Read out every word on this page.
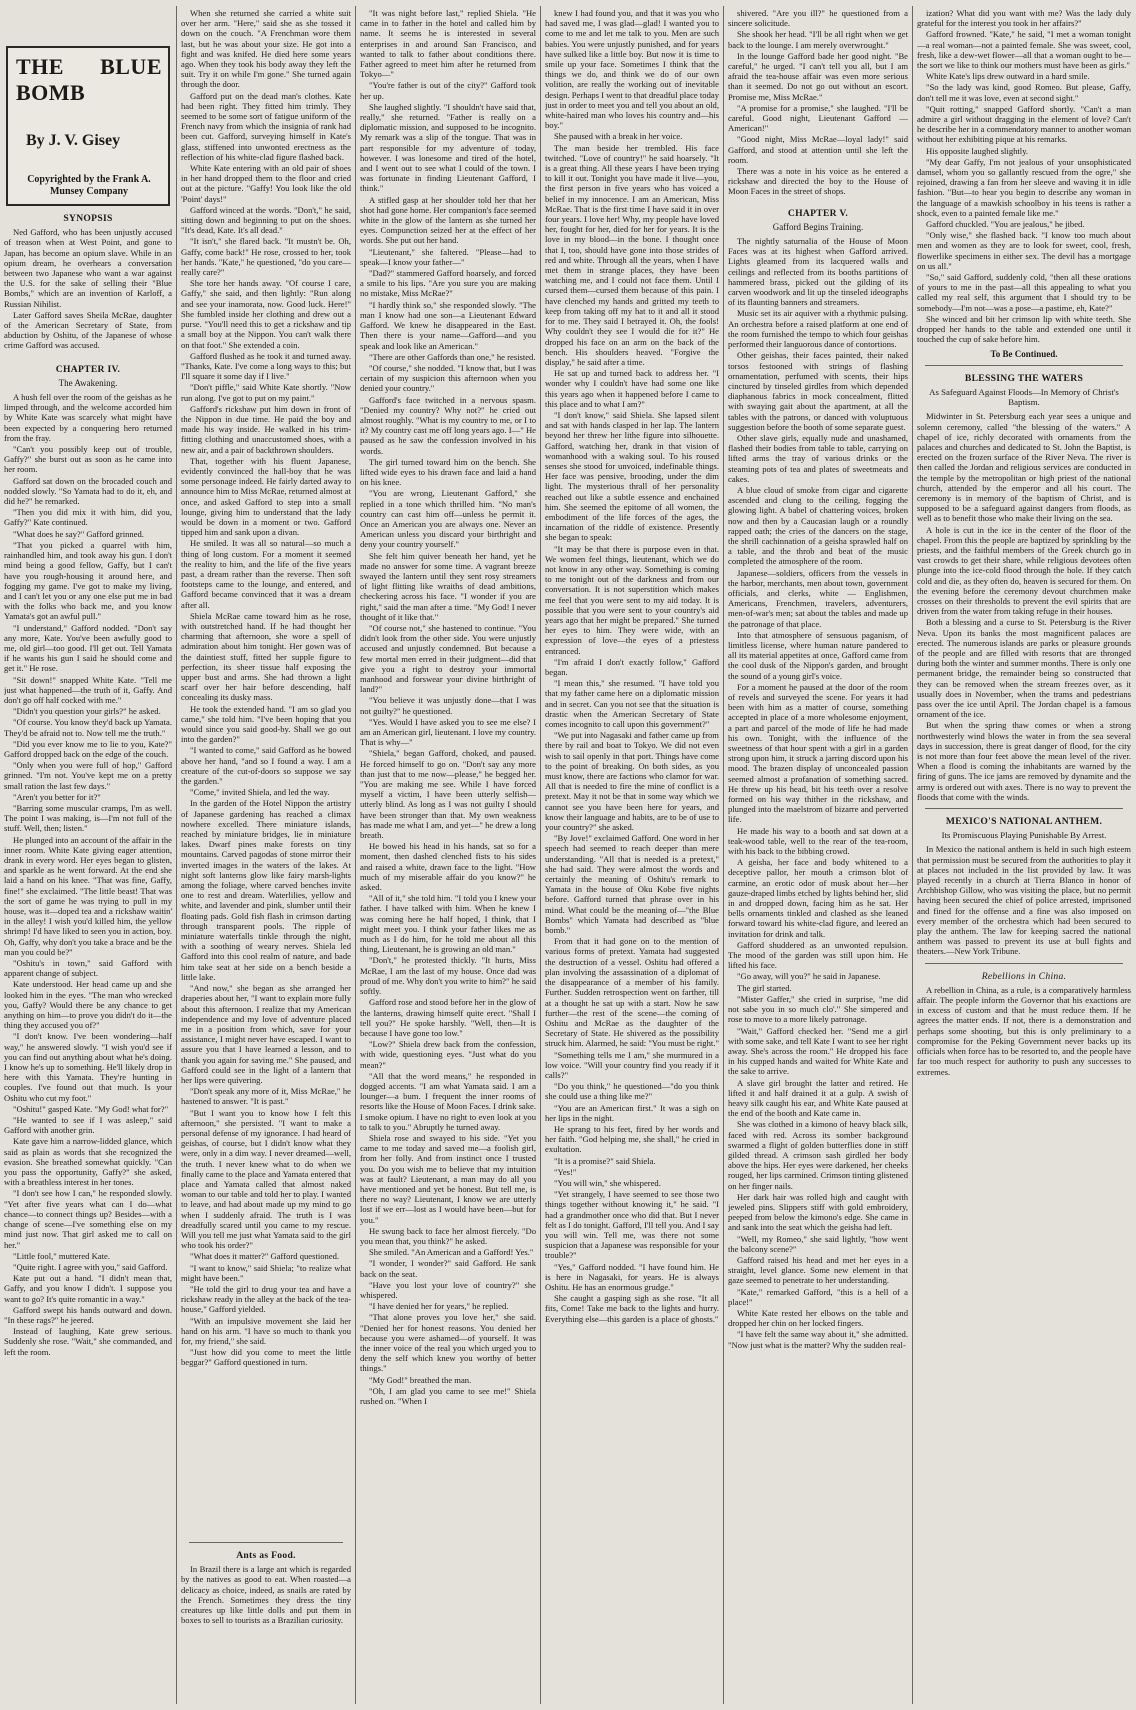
THE BLUE BOMB
By J. V. Gisey
Copyrighted by the Frank A. Munsey Company
SYNOPSIS

Ned Gafford, who has been unjustly accused of treason when at West Point, and gone to Japan, has become an opium slave. While in an opium dream, he overhears a conversation between two Japanese who want a war against the U.S. for the sake of selling their "Blue Bombs," which are an invention of Karloff, a Russian Nihilist.

Later Gafford saves Sheila McRae, daughter of the American Secretary of State, from abduction by Oshitu, of the Japanese of whose crime Gafford was accused.

CHAPTER IV.
The Awakening.

A hush fell over the room of the geishas as he limped through, and the welcome accorded him by White Kate was scarcely what might have been expected by a conquering hero returned from the fray.

"Can't you possibly keep out of trouble, Gaffy?" she burst out as soon as he came into her room.

Gafford sat down on the brocaded couch and nodded slowly. "So Yamata had to do it, eh, and did he?" he remarked.

"Then you did mix it with him, did you, Gaffy?" Kate continued.

"What does he say?" Gafford grinned.

"That you picked a quarrel with him, rainhandled him, and took away his gun. I don't mind being a good fellow, Gaffy, but I can't have you rough-housing it around here, and fogging my game. I've got to make my living, and I can't let you or any one else put me in bad with the folks who back me, and you know Yamata's got an awful pull."

"I understand," Gafford nodded. "Don't say any more, Kate. You've been awfully good to me, old girl—too good. I'll get out. Tell Yamata if he wants his gun I said he should come and get it." He rose.

"Sit down!" snapped White Kate. "Tell me just what happened—the truth of it, Gaffy. And don't go off half cocked with me."

"Didn't you question your girls?" he asked.

"Of course. You know they'd back up Yamata. They'd be afraid not to. Now tell me the truth."

"Did you ever know me to lie to you, Kate?" Gafford dropped back on the edge of the couch.

"Only when you were full of hop," Gafford grinned. "I'm not. You've kept me on a pretty small ration the last few days."

"Aren't you better for it?"

"Barring some muscular cramps, I'm as well. The point I was making, is—I'm not full of the stuff. Well, then; listen."

He plunged into an account of the affair in the inner room. White Kate giving eager attention, drank in every word. Her eyes began to glisten, and sparkle as he went forward. At the end she laid a hand on his knee. "That was fine, Gaffy, fine!" she exclaimed. "The little beast! That was the sort of game he was trying to pull in my house, was it—doped tea and a rickshaw waitin' in the alley! I wish you'd killed him, the yellow shrimp! I'd have liked to seen you in action, boy. Oh, Gaffy, why don't you take a brace and be the man you could be?"

"Oshitu's in town," said Gafford with apparent change of subject.

Kate understood. Her head came up and she looked him in the eyes. "The man who wrecked you, Gaffy? Would there be any chance to get anything on him—to prove you didn't do it—the thing they accused you of?"

"I don't know. I've been wondering—half way," he answered slowly. "I wish you'd see if you can find out anything about what he's doing. I know he's up to something. He'll likely drop in here with this Yamata. They're hunting in couples. I've found out that much. Is your Oshitu who cut my foot."

"Oshitu!" gasped Kate. "My God! what for?"

"He wanted to see if I was asleep," said Gafford with another grin.

Kate gave him a narrow-lidded glance, which said as plain as words that she recognized the evasion. She breathed somewhat quickly. "Can you pass the opportunity, Gaffy?" she asked, with a breathless interest in her tones.

"I don't see how I can," he responded slowly. "Yet after five years what can I do—what chance—to connect things up? Besides—with a change of scene—I've something else on my mind just now. That girl asked me to call on her."

"Little fool," muttered Kate.

"Quite right. I agree with you," said Gafford.

Kate put out a hand. "I didn't mean that, Gaffy, and you know I didn't. I suppose you want to go? It's quite romantic in a way."

Gafford swept his hands outward and down. "In these rags?" he jeered.

Instead of laughing, Kate grew serious. Suddenly she rose. "Wait," she commanded, and left the room.

When she returned she carried a white suit over her arm. "Here," said she as she tossed it down on the couch. "A Frenchman wore them last, but he was about your size. He got into a fight and was knifed. He died here some years ago. When they took his body away they left the suit. Try it on while I'm gone." She turned again through the door.

Gafford put on the dead man's clothes. Kate had been right. They fitted him trimly. They seemed to be some sort of fatigue uniform of the French navy from which the insignia of rank had been cut. Gafford, surveying himself in Kate's glass, stiffened into unwonted erectness as the reflection of his white-clad figure flashed back.

White Kate entering with an old pair of shoes in her hand dropped them to the floor and cried out at the picture. "Gaffy! You look like the old 'Point' days!"

Gafford winced at the words. "Don't," he said, sitting down and beginning to put on the shoes. "It's dead, Kate. It's all dead."

"It isn't," she flared back. "It mustn't be. Oh, Gaffy, come back!" He rose, crossed to her, took her hands. "Kate," he questioned, "do you care—really care?"

She tore her hands away. "Of course I care, Gaffy," she said, and then lightly: "Run along and see your inamorata, now. Good luck. Here!" She fumbled inside her clothing and drew out a purse. "You'll need this to get a rickshaw and tip a small boy at the Nippon. You can't walk there on that foot." She extended a coin.

Gafford flushed as he took it and turned away. "Thanks, Kate. I've come a long ways to this; but I'll square it some day if I live."

"Don't piffle," said White Kate shortly. "Now run along. I've got to put on my paint."

Gafford's rickshaw put him down in front of the Nippon in due time. He paid the boy and made his way inside. He walked in his trim-fitting clothing and unaccustomed shoes, with a new air, and a pair of backthrown shoulders.

That, together with his fluent Japanese, evidently convinced the hall-boy that he was some personage indeed. He fairly darted away to announce him to Miss McRae, returned almost at once, and asked Gafford to step into a small lounge, giving him to understand that the lady would be down in a moment or two. Gafford tipped him and sank upon a divan.

He smiled. It was all so natural—so much a thing of long custom. For a moment it seemed the reality to him, and the life of the five years past, a dream rather than the reverse. Then soft footsteps came to the lounge, and entered, and Gafford became convinced that it was a dream after all.

Shiela McRae came toward him as he rose, with outstretched hand. If he had thought her charming that afternoon, she wore a spell of admiration about him tonight. Her gown was of the daintiest stuff, fitted her supple figure to perfection, its sheer tissue half exposing the upper bust and arms. She had thrown a light scarf over her hair before descending, half concealing its dusky mass.

He took the extended hand. "I am so glad you came," she told him. "I've been hoping that you would since you said good-by. Shall we go out into the garden?"

"I wanted to come," said Gafford as he bowed above her hand, "and so I found a way. I am a creature of the cut-of-doors so suppose we say the garden."

"Come," invited Shiela, and led the way.

In the garden of the Hotel Nippon the artistry of Japanese gardening has reached a climax nowhere excelled. There miniature islands, reached by miniature bridges, lie in miniature lakes. Dwarf pines make forests on tiny mountains. Carved pagodas of stone mirror their inverted images in the waters of the lakes. At night soft lanterns glow like fairy marsh-lights among the foliage, where carved benches invite one to rest and dream. Waterlilies, yellow and white, and lavender and pink, slumber until their floating pads. Gold fish flash in crimson darting through transparent pools. The ripple of miniature waterfalls tinkle through the night, with a soothing of weary nerves. Shiela led Gafford into this cool realm of nature, and bade him take seat at her side on a bench beside a little lake.

"And now," she began as she arranged her draperies about her, "I want to explain more fully about this afternoon. I realize that my American independence and my love of adventure placed me in a position from which, save for your assistance, I might never have escaped. I want to assure you that I have learned a lesson, and to thank you again for saving me." She paused, and Gafford could see in the light of a lantern that her lips were quivering.

"Don't speak any more of it, Miss McRae," he hastened to answer. "It is past."

"But I want you to know how I felt this afternoon," she persisted. "I want to make a personal defense of my ignorance. I had heard of geishas, of course, but I didn't know what they were, only in a dim way. I never dreamed—well, the truth. I never knew what to do when we finally came to the place and Yamata entered that place and Yamata called that almost naked woman to our table and told her to play. I wanted to leave, and had about made up my mind to go when I suddenly afraid. The truth is I was dreadfully scared until you came to my rescue. Will you tell me just what Yamata said to the girl who took his order?"

"What does it matter?" Gafford questioned.

"I want to know," said Shiela; "to realize what might have been."

"He told the girl to drug your tea and have a rickshaw ready in the alley at the back of the tea-house," Gafford yielded.

"With an impulsive movement she laid her hand on his arm. "I have so much to thank you for, my friend," she said.

"Just how did you come to meet the little beggar?" Gafford questioned in turn.

Ants as Food.

In Brazil there is a large ant which is regarded by the natives as good to eat. When roasted—a delicacy as choice, indeed, as snails are rated by the French. Sometimes they dress the tiny creatures up like little dolls and put them in boxes to sell to tourists as a Brazilian curiosity.

"It was night before last," replied Shiela. "He came in to father in the hotel and called him by name. It seems he is interested in several enterprises in and around San Francisco, and wanted to talk to father about conditions there. Father agreed to meet him after he returned from Tokyo—"

"You're father is out of the city?" Gafford took her up.

She laughed slightly. "I shouldn't have said that, really," she returned. "Father is really on a diplomatic mission, and supposed to be incognito. My remark was a slip of the tongue. That was in part responsible for my adventure of today, however. I was lonesome and tired of the hotel, and I went out to see what I could of the town. I was fortunate in finding Lieutenant Gafford, I think."

A stifled gasp at her shoulder told her that her shot had gone home. Her companion's face seemed white in the glow of the lantern as she turned her eyes. Compunction seized her at the effect of her words. She put out her hand.

"Lieutenant," she faltered. "Please—had to speak—I know your father—"

"Dad?" stammered Gafford hoarsely, and forced a smile to his lips. "Are you sure you are making no mistake, Miss McRae?"

"I hardly think so," she responded slowly. "The man I know had one son—a Lieutenant Edward Gafford. We knew he disappeared in the East. Then there is your name—Gafford—and you speak and look like an American."

"There are other Gaffords than one," he resisted.

"Of course," she nodded. "I know that, but I was certain of my suspicion this afternoon when you denied your country."

Gafford's face twitched in a nervous spasm. "Denied my country? Why not?" he cried out almost roughly. "What is my country to me, or I to it? My country cast me off long years ago. I—" He paused as he saw the confession involved in his words.

The girl turned toward him on the bench. She lifted wide eyes to his drawn face and laid a hand on his knee.

"You are wrong, Lieutenant Gafford," she replied in a tone which thrilled him. "No man's country can cast him off—unless he permit it. Once an American you are always one. Never an American unless you discard your birthright and deny your country yourself."

She felt him quiver beneath her hand, yet he made no answer for some time. A vagrant breeze swayed the lantern until they sent rosy streamers of light flitting like wraiths of dead ambitions, checkering across his face. "I wonder if you are right," said the man after a time. "My God! I never thought of it like that."

"Of course not," she hastened to continue. "You didn't look from the other side. You were unjustly accused and unjustly condemned. But because a few mortal men erred in their judgment—did that give you a right to destroy your immortal manhood and forswear your divine birthright of land?"

"You believe it was unjustly done—that I was not guilty?" he questioned.

"Yes. Would I have asked you to see me else? I am an American girl, lieutenant. I love my country. That is why—"

"Shiela," began Gafford, choked, and paused. He forced himself to go on. "Don't say any more than just that to me now—please," he begged her. "You are making me see. While I have forced myself a victim, I have been utterly selfish—utterly blind. As long as I was not guilty I should have been stronger than that. My own weakness has made me what I am, and yet—" he drew a long breath.

He bowed his head in his hands, sat so for a moment, then dashed clenched fists to his sides and raised a white, drawn face to the light. "How much of my miserable affair do you know?" he asked.

"All of it," she told him. "I told you I knew your father. I have talked with him. When he knew I was coming here he half hoped, I think, that I might meet you. I think your father likes me as much as I do him, for he told me about all this thing, Lieutenant, he is growing an old man."

"Don't," he protested thickly. "It hurts, Miss McRae, I am the last of my house. Once dad was proud of me. Why don't you write to him?" he said softly.

Gafford rose and stood before her in the glow of the lanterns, drawing himself quite erect. "Shall I tell you?" He spoke harshly. "Well, then—It is because I have gone too low."

"Low?" Shiela drew back from the confession, with wide, questioning eyes. "Just what do you mean?"

"All that the word means," he responded in dogged accents. "I am what Yamata said. I am a lounger—a bum. I frequent the inner rooms of resorts like the House of Moon Faces. I drink sake. I smoke opium. I have no right to even look at you to talk to you." Abruptly he turned away.

Shiela rose and swayed to his side. "Yet you came to me today and saved me—a foolish girl, from her folly. And from instinct once I trusted you. Do you wish me to believe that my intuition was at fault? Lieutenant, a man may do all you have mentioned and yet be honest. But tell me, is there no way? Lieutenant, I know we are utterly lost if we err—lost as I would have been—but for you."

He swung back to face her almost fiercely. "Do you mean that, you think?" he asked.

She smiled. "An American and a Gafford! Yes."

"I wonder, I wonder?" said Gafford. He sank back on the seat.

"Have you lost your love of country?" she whispered.

"I have denied her for years," he replied.

"That alone proves you love her," she said. "Denied her for honest reasons. You denied her because you were ashamed—of yourself. It was the inner voice of the real you which urged you to deny the self which knew you worthy of better things."

"My God!" breathed the man.

"Oh, I am glad you came to see me!" Shiela rushed on. "When I

knew I had found you, and that it was you who had saved me, I was glad—glad! I wanted you to come to me and let me talk to you. Men are such babies. You were unjustly punished, and for years have sulked like a little boy. But now it is time to smile up your face. Sometimes I think that the things we do, and think we do of our own volition, are really the working out of inevitable design. Perhaps I went to that dreadful place today just in order to meet you and tell you about an old, white-haired man who loves his country and—his boy."

She paused with a break in her voice.

The man beside her trembled. His face twitched. "Love of country!" he said hoarsely. "It is a great thing. All these years I have been trying to kill it out. Tonight you have made it live—you, the first person in five years who has voiced a belief in my innocence. I am an American, Miss McRae. That is the first time I have said it in over four years. I love her! Why, my people have loved her, fought for her, died for her for years. It is the love in my blood—in the bone. I thought once that I, too, should have gone into those strides of red and white. Through all the years, when I have met them in strange places, they have been watching me, and I could not face them. Until I cursed them—cursed them because of this pain. I have clenched my hands and gritted my teeth to keep from taking off my hat to it and all it stood for to me. They said I betrayed it. Oh, the fools! Why couldn't they see I would die for it?" He dropped his face on an arm on the back of the bench. His shoulders heaved. "Forgive the display," he said after a time.

He sat up and turned back to address her. "I wonder why I couldn't have had some one like this years ago when it happened before I came to this place and to what I am?"

"I don't know," said Shiela. She lapsed silent and sat with hands clasped in her lap. The lantern beyond her threw her lithe figure into silhouette. Gafford, watching her, drank in that vision of womanhood with a waking soul. To his roused senses she stood for unvoiced, indefinable things. Her face was pensive, brooding, under the dim light. The mysterious thrall of her personality reached out like a subtle essence and enchained him. She seemed the epitome of all women, the embodiment of the life forces of the ages, the incarnation of the riddle of existence. Presently she began to speak:

"It may be that there is purpose even in that. We women feel things, lieutenant, which we do not know in any other way. Something is coming to me tonight out of the darkness and from our conversation. It is not superstition which makes me feel that you were sent to my aid today. It is possible that you were sent to your country's aid years ago that her might be prepared." She turned her eyes to him. They were wide, with an expression of love—the eyes of a priestess entranced.

"I'm afraid I don't exactly follow," Gafford began.

"I mean this," she resumed. "I have told you that my father came here on a diplomatic mission and in secret. Can you not see that the situation is drastic when the American Secretary of State comes incognito to call upon this government?"

"We put into Nagasaki and father came up from there by rail and boat to Tokyo. We did not even wish to sail openly in that port. Things have come to the point of breaking. On both sides, as you must know, there are factions who clamor for war. All that is needed to fire the mine of conflict is a pretext. May it not be that in some way which we cannot see you have been here for years, and know their language and habits, are to be of use to your country?" she asked.

"By Jove!" exclaimed Gafford. One word in her speech had seemed to reach deeper than mere understanding. "All that is needed is a pretext," she had said. They were almost the words and certainly the meaning of Oshitu's remark to Yamata in the house of Oku Kobe five nights before. Gafford turned that phrase over in his mind. What could be the meaning of—"the Blue Bombs" which Yamata had described as "blue bomb."

From that it had gone on to the mention of various forms of pretext. Yamata had suggested the destruction of a vessel. Oshitu had offered a plan involving the assassination of a diplomat of the disappearance of a member of his family. Further. Sudden retrospection went on farther, till at a thought he sat up with a start. Now he saw further—the rest of the scene—the coming of Oshitu and McRae as the daughter of the Secretary of State. He shivered as the possibility struck him. Alarmed, he said: "You must be right."

"Something tells me I am," she murmured in a low voice. "Will your country find you ready if it calls?"

"Do you think," he questioned—"do you think she could use a thing like me?"

"You are an American first." It was a sigh on her lips in the night.

He sprang to his feet, fired by her words and her faith. "God helping me, she shall," he cried in exultation.

"It is a promise?" said Shiela.

"Yes!"

"You will win," she whispered.

"Yet strangely, I have seemed to see those two things together without knowing it," he said. "I had a grandmother once who did that. But I never felt as I do tonight. Gafford, I'll tell you. And I say you will win. Tell me, was there not some suspicion that a Japanese was responsible for your trouble?"

"Yes," Gafford nodded. "I have found him. He is here in Nagasaki, for years. He is always Oshitu. He has an enormous grudge."

She caught a gasping sigh as she rose. "It all fits, Come! Take me back to the lights and hurry. Everything else—this garden is a place of ghosts."

shivered. "Are you ill?" he questioned from a sincere solicitude.

She shook her head. "I'll be all right when we get back to the lounge. I am merely overwrought."

In the lounge Gafford bade her good night. "Be careful," he urged. "I can't tell you all, but I am afraid the tea-house affair was even more serious than it seemed. Do not go out without an escort. Promise me, Miss McRae."

"A promise for a promise," she laughed. "I'll be careful. Good night, Lieutenant Gafford — American!"

"Good night, Miss McRae—loyal lady!" said Gafford, and stood at attention until she left the room.

There was a note in his voice as he entered a rickshaw and directed the boy to the House of Moon Faces in the street of shops.

CHAPTER V.
Gafford Begins Training.

The nightly saturnalia of the House of Moon Faces was at its highest when Gafford arrived. Lights gleamed from its lacquered walls and ceilings and reflected from its booths partitions of hammered brass, picked out the gilding of its carven woodwork and lit up the tinseled ideographs of its flaunting banners and streamers.

Music set its air aquiver with a rhythmic pulsing. An orchestra before a raised platform at one end of the room furnished the tempo to which four geishas performed their languorous dance of contortions.

Other geishas, their faces painted, their naked torsos festooned with strings of flashing ornamentation, perfumed with scents, their hips cinctured by tinseled girdles from which depended diaphanous fabrics in mock concealment, flitted with swaying gait about the apartment, at all the tables with the patrons, or danced with voluptuous suggestion before the booth of some separate guest.

Other slave girls, equally nude and unashamed, flashed their bodies from table to table, carrying on lifted arms the tray of various drinks or the steaming pots of tea and plates of sweetmeats and cakes.

A blue cloud of smoke from cigar and cigarette ascended and clung to the ceiling, fogging the glowing light. A babel of chattering voices, broken now and then by a Caucasian laugh or a roundly rapped oath; the cries of the dancers on the stage, the shrill cachinnation of a geisha sprawled half on a table, and the throb and beat of the music completed the atmosphere of the room.

Japanese—soldiers, officers from the vessels in the harbor, merchants, men about town, government officials, and clerks, white — Englishmen, Americans, Frenchmen, travelers, adventurers, men-of-war's men; sat about the tables and made up the patronage of that place.

Into that atmosphere of sensuous paganism, of limitless license, where human nature pandered to all its material appetites at once, Gafford came from the cool dusk of the Nippon's garden, and brought the sound of a young girl's voice.

For a moment he paused at the door of the room of revels and surveyed the scene. For years it had been with him as a matter of course, something accepted in place of a more wholesome enjoyment, a part and parcel of the mode of life he had made his own. Tonight, with the influence of the sweetness of that hour spent with a girl in a garden strong upon him, it struck a jarring discord upon his mood. The brazen display of unconcealed passion seemed almost a profanation of something sacred. He threw up his head, bit his teeth over a resolve formed on his way thither in the rickshaw, and plunged into the maelstrom of bizarre and perverted life.

He made his way to a booth and sat down at a teak-wood table, well to the rear of the tea-room, with his back to the bibbing crowd.

A geisha, her face and body whitened to a deceptive pallor, her mouth a crimson blot of carmine, an erotic odor of musk about her—her gauze-draped limbs etched by lights behind her, slid in and dropped down, facing him as he sat. Her bells ornaments tinkled and clashed as she leaned forward toward his white-clad figure, and leered an invitation for drink and talk.

Gafford shuddered as an unwonted repulsion. The mood of the garden was still upon him. He lifted his face.

"Go away, will you?" he said in Japanese.

The girl started.

"Mister Gaffer," she cried in surprise, "me did not sabe you in so much clo'." She simpered and rose to move to a more likely patronage.

"Wait," Gafford checked her. "Send me a girl with some sake, and tell Kate I want to see her right away. She's across the room." He dropped his face in his cupped hands and waited for White Kate and the sake to arrive.

A slave girl brought the latter and retired. He lifted it and half drained it at a gulp. A swish of heavy silk caught his ear, and White Kate paused at the end of the booth and Kate came in.

She was clothed in a kimono of heavy black silk, faced with red. Across its somber background swarmed a flight of golden butterflies done in stiff gilded thread. A crimson sash girdled her body above the hips. Her eyes were darkened, her cheeks rouged, her lips carmined. Crimson tinting glistened on her finger nails.

Her dark hair was rolled high and caught with jeweled pins. Slippers stiff with gold embroidery, peeped from below the kimono's edge. She came in and sank into the seat which the geisha had left.

"Well, my Romeo," she said lightly, "how went the balcony scene?"

Gafford raised his head and met her eyes in a straight, level glance. Some new element in that gaze seemed to penetrate to her understanding.

"Kate," remarked Gafford, "this is a hell of a place!"

White Kate rested her elbows on the table and dropped her chin on her locked fingers.

"I have felt the same way about it," she admitted. "Now just what is the matter? Why the sudden real-

ization? What did you want with me? Was the lady duly grateful for the interest you took in her affairs?"

Gafford frowned. "Kate," he said, "I met a woman tonight—a real woman—not a painted female. She was sweet, cool, fresh, like a dew-wet flower—all that a woman ought to be—the sort we like to think our mothers must have been as girls."

White Kate's lips drew outward in a hard smile.

"So the lady was kind, good Romeo. But please, Gaffy, don't tell me it was love, even at second sight."

"Quit rotting," snapped Gafford shortly. "Can't a man admire a girl without dragging in the element of love? Can't he describe her in a commendatory manner to another woman without her exhibiting pique at his remarks.

His opposite laughed slightly.

"My dear Gaffy, I'm not jealous of your unsophisticated damsel, whom you so gallantly rescued from the ogre," she rejoined, drawing a fan from her sleeve and waving it in idle fashion. "But—to hear you begin to describe any woman in the language of a mawkish schoolboy in his teens is rather a shock, even to a painted female like me."

Gafford chuckled. "You are jealous," he jibed.

"Only wise," she flashed back. "I know too much about men and women as they are to look for sweet, cool, fresh, flowerlike specimens in either sex. The devil has a mortgage on us all."

"So," said Gafford, suddenly cold, "then all these orations of yours to me in the past—all this appealing to what you called my real self, this argument that I should try to be somebody—I'm not—was a pose—a pastime, eh, Kate?"

She winced and bit her crimson lip with white teeth. She dropped her hands to the table and extended one until it touched the cup of sake before him.

To Be Continued.
BLESSING THE WATERS
As Safeguard Against Floods—In Memory of Christ's Baptism.

Midwinter in St. Petersburg each year sees a unique and solemn ceremony, called "the blessing of the waters." A chapel of ice, richly decorated with ornaments from the palaces and churches and dedicated to St. John the Baptist, is erected on the frozen surface of the River Neva. The river is then called the Jordan and religious services are conducted in the temple by the metropolitan or high priest of the national church, attended by the emperor and all his court. The ceremony is in memory of the baptism of Christ, and is supposed to be a safeguard against dangers from floods, as well as to benefit those who make their living on the sea.

A hole is cut in the ice in the center of the floor of the chapel. From this the people are baptized by sprinkling by the priests, and the faithful members of the Greek church go in vast crowds to get their share, while religious devotees often plunge into the ice-cold flood through the hole. If they catch cold and die, as they often do, heaven is secured for them. On the evening before the ceremony devout churchmen make crosses on their thresholds to prevent the evil spirits that are driven from the water from taking refuge in their houses.

Both a blessing and a curse to St. Petersburg is the River Neva. Upon its banks the most magnificent palaces are erected. The numerous islands are parks or pleasure grounds of the people and are filled with resorts that are thronged during both the winter and summer months. There is only one permanent bridge, the remainder being so constructed that they can be removed when the stream freezes over, as it usually does in November, when the trams and pedestrians pass over the ice until April. The Jordan chapel is a famous ornament of the ice.

But when the spring thaw comes or when a strong northwesterly wind blows the water in from the sea several days in succession, there is great danger of flood, for the city is not more than four feet above the mean level of the river. When a flood is coming the inhabitants are warned by the firing of guns. The ice jams are removed by dynamite and the army is ordered out with axes. There is no way to prevent the floods that come with the winds.

MEXICO'S NATIONAL ANTHEM.
Its Promiscuous Playing Punishable By Arrest.

In Mexico the national anthem is held in such high esteem that permission must be secured from the authorities to play it at places not included in the list provided by law. It was played recently in a church at Tierra Blanco in honor of Archbishop Gillow, who was visiting the place, but no permit having been secured the chief of police arrested, imprisoned and fined for the offense and a fine was also imposed on every member of the orchestra which had been secured to play the anthem. The law for keeping sacred the national anthem was passed to prevent its use at bull fights and theaters.—New York Tribune.

Rebellions in China.

A rebellion in China, as a rule, is a comparatively harmless affair. The people inform the Governor that his exactions are in excess of custom and that he must reduce them. If he agrees the matter ends. If not, there is a demonstration and perhaps some shooting, but this is only preliminary to a compromise for the Peking Government never backs up its officials when force has to be resorted to, and the people have far too much respect for authority to push any successes to extremes.
